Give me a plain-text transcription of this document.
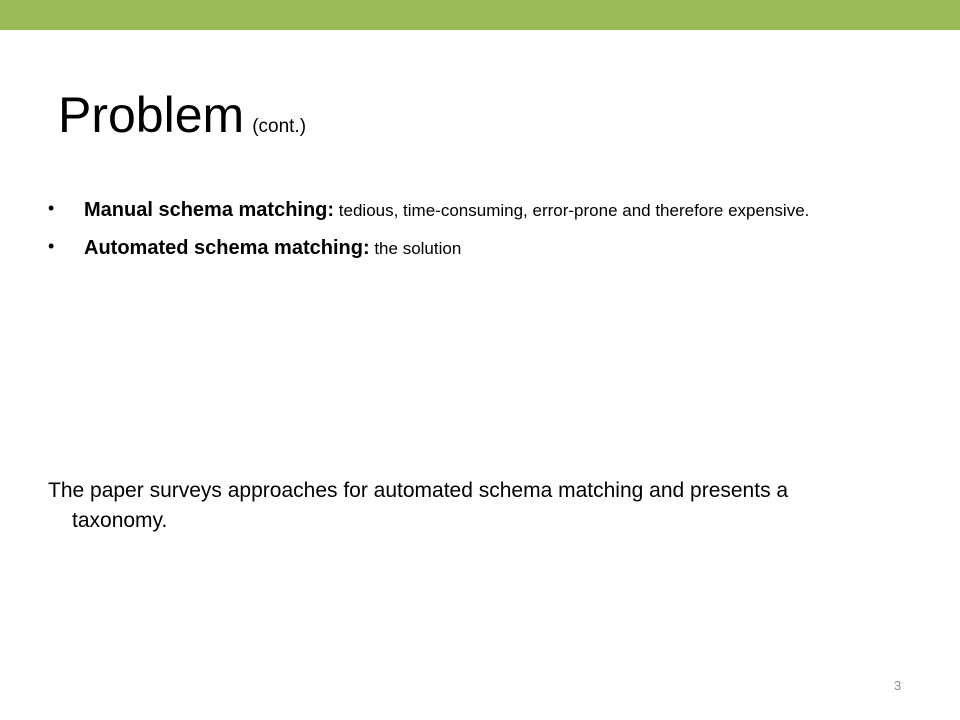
Problem (cont.)
• Manual schema matching: tedious, time-consuming, error-prone and therefore expensive.
• Automated schema matching: the solution

The paper surveys approaches for automated schema matching and presents a taxonomy.

3
